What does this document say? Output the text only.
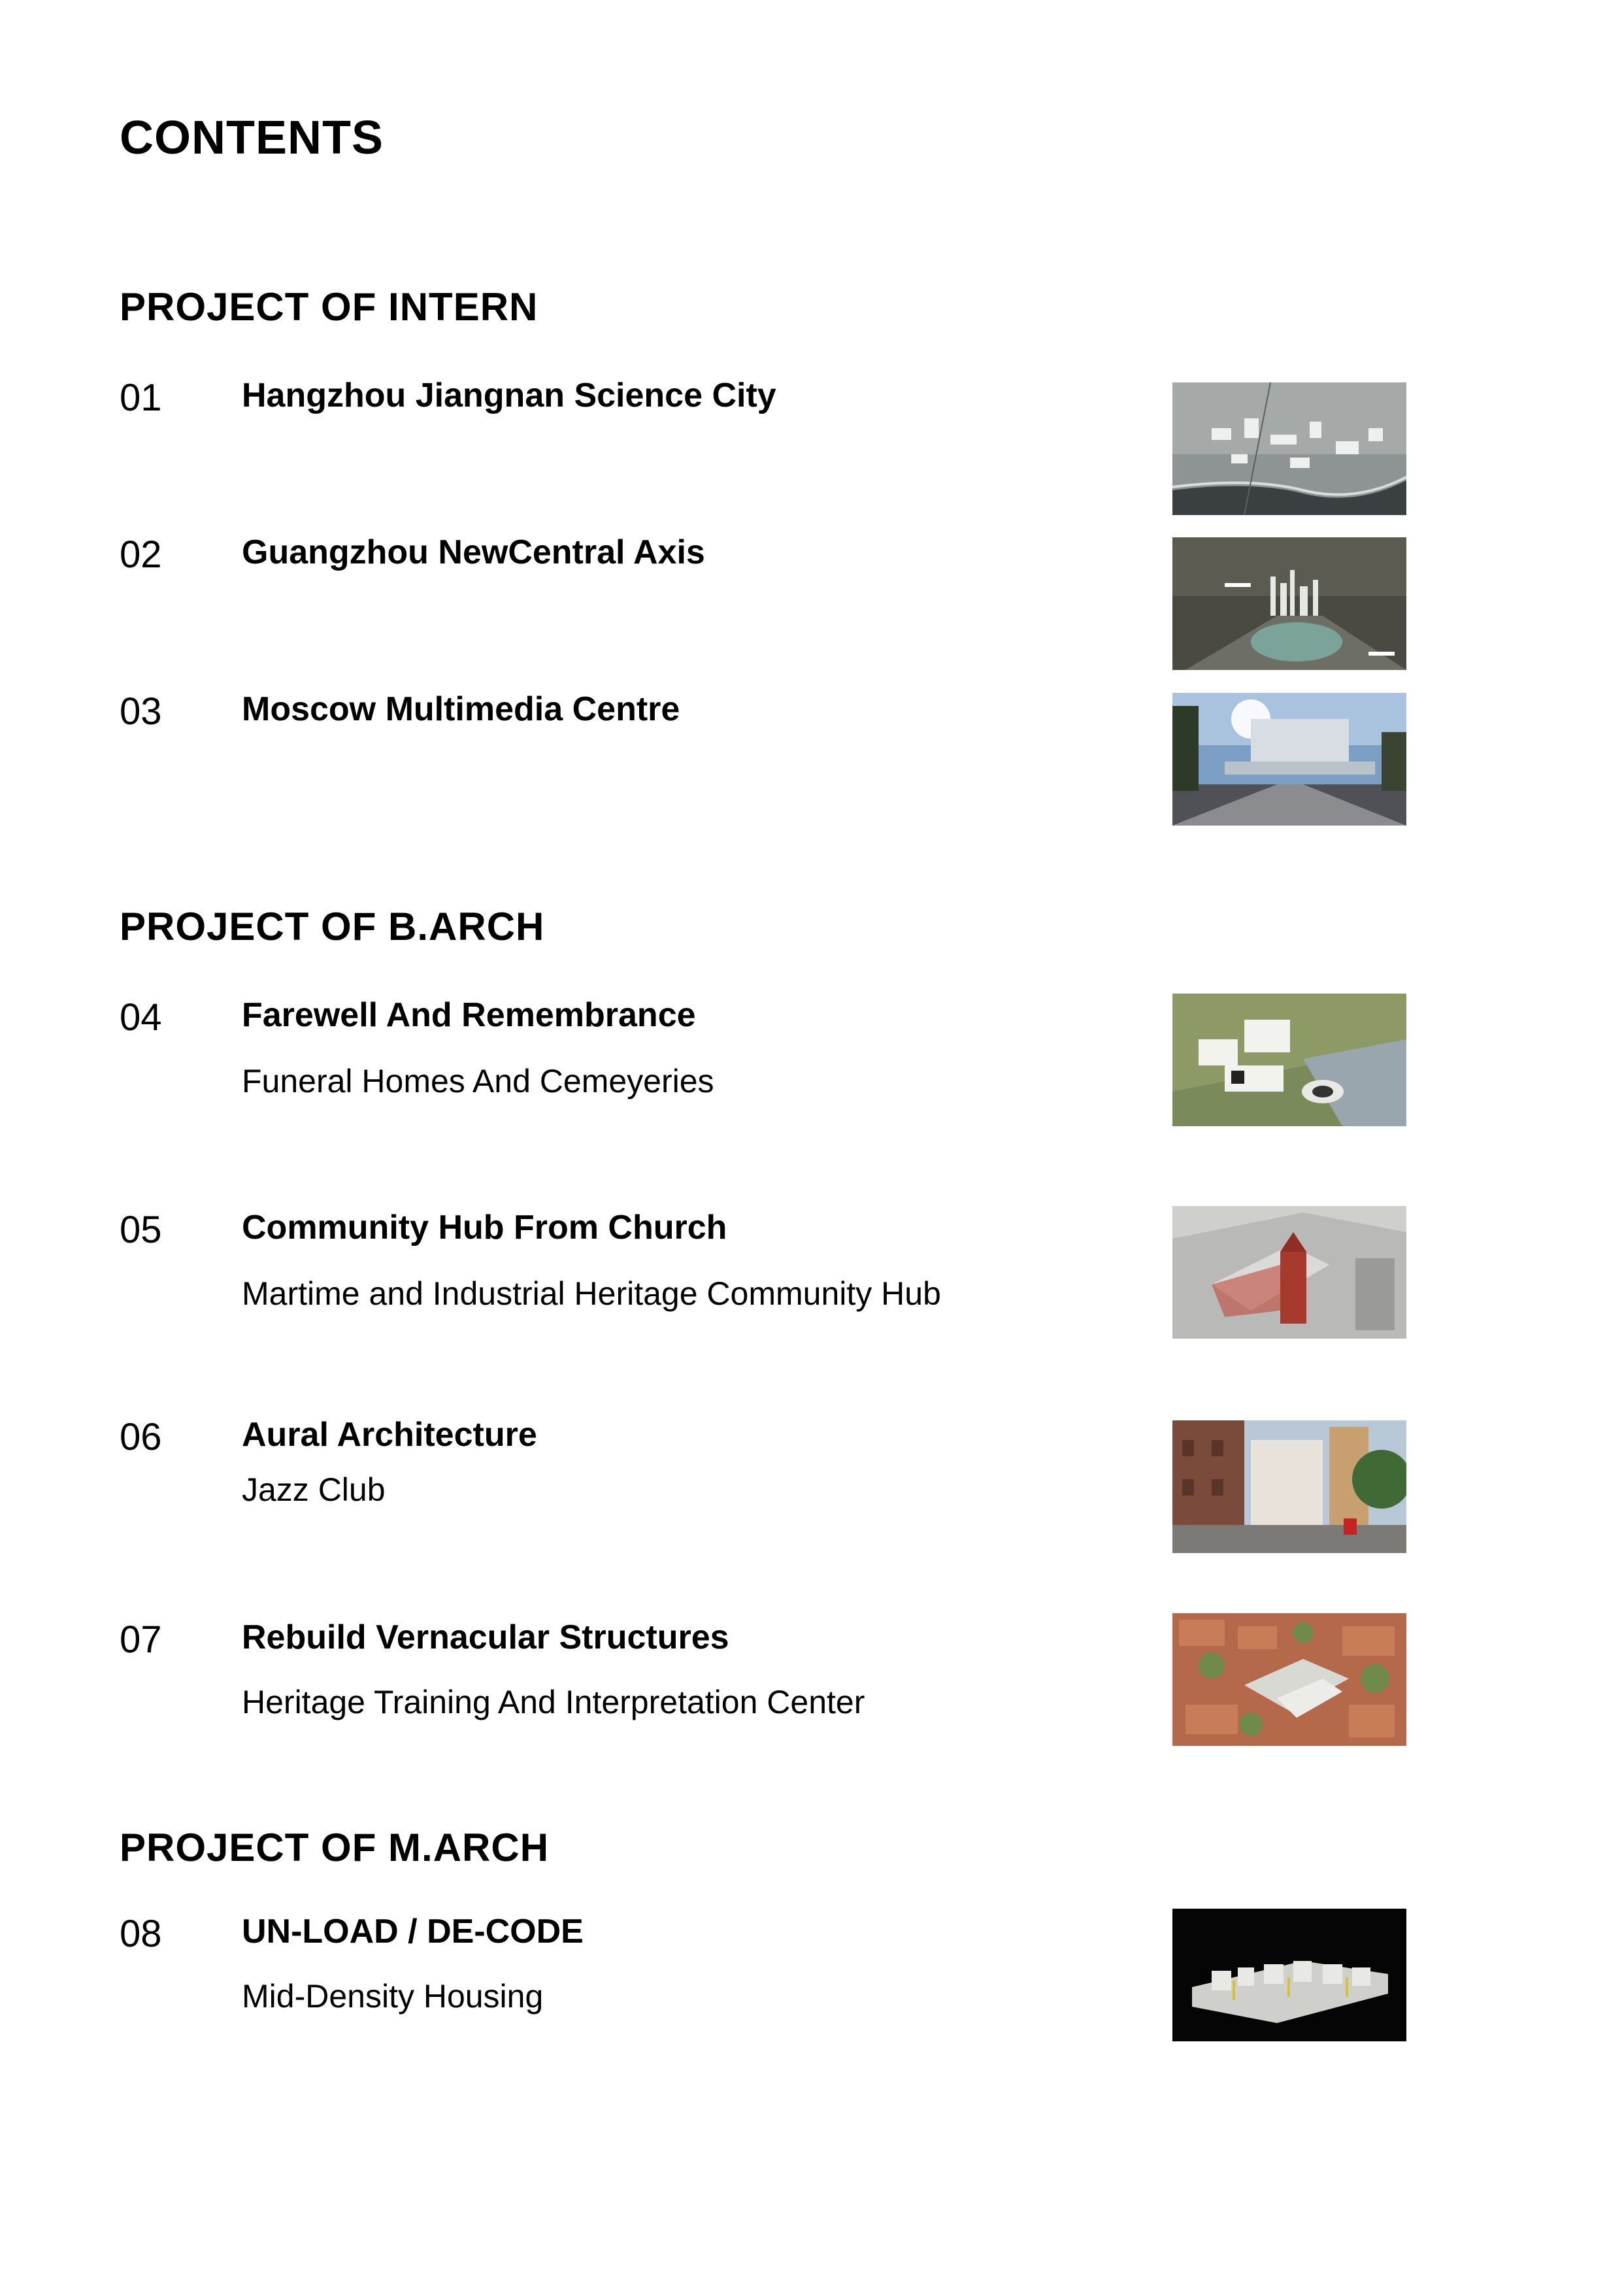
CONTENTS
PROJECT OF INTERN
01 Hangzhou Jiangnan Science City
02 Guangzhou NewCentral Axis
03 Moscow Multimedia Centre
PROJECT OF B.ARCH
04 Farewell And Remembrance
Funeral Homes And Cemeyeries
05 Community Hub From Church
Martime and Industrial Heritage Community Hub
06 Aural Architecture
Jazz Club
07 Rebuild Vernacular Structures
Heritage Training And Interpretation Center
PROJECT OF M.ARCH
08 UN-LOAD / DE-CODE
Mid-Density Housing
